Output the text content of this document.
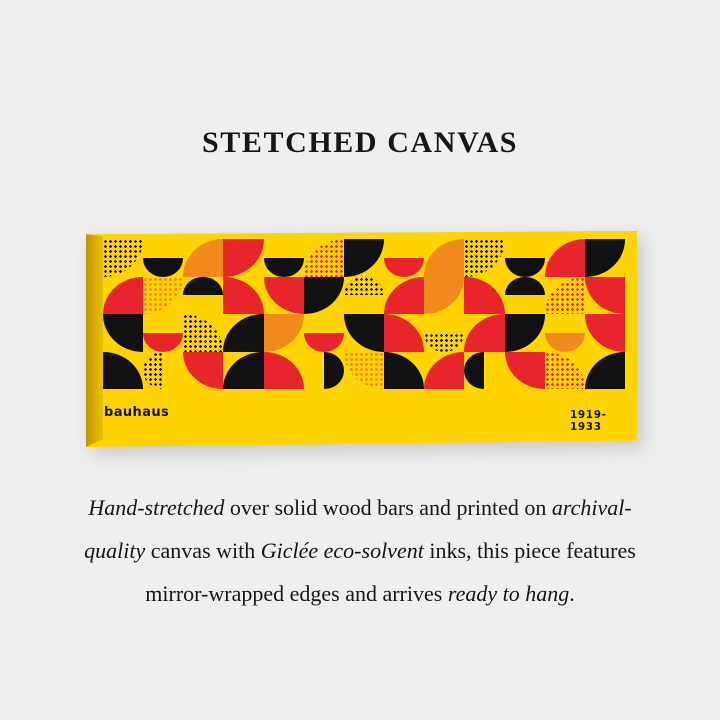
STETCHED CANVAS
bauhaus	1919-1933
Hand-stretched over solid wood bars and printed on archival-quality canvas with Giclée eco-solvent inks, this piece features mirror-wrapped edges and arrives ready to hang.
